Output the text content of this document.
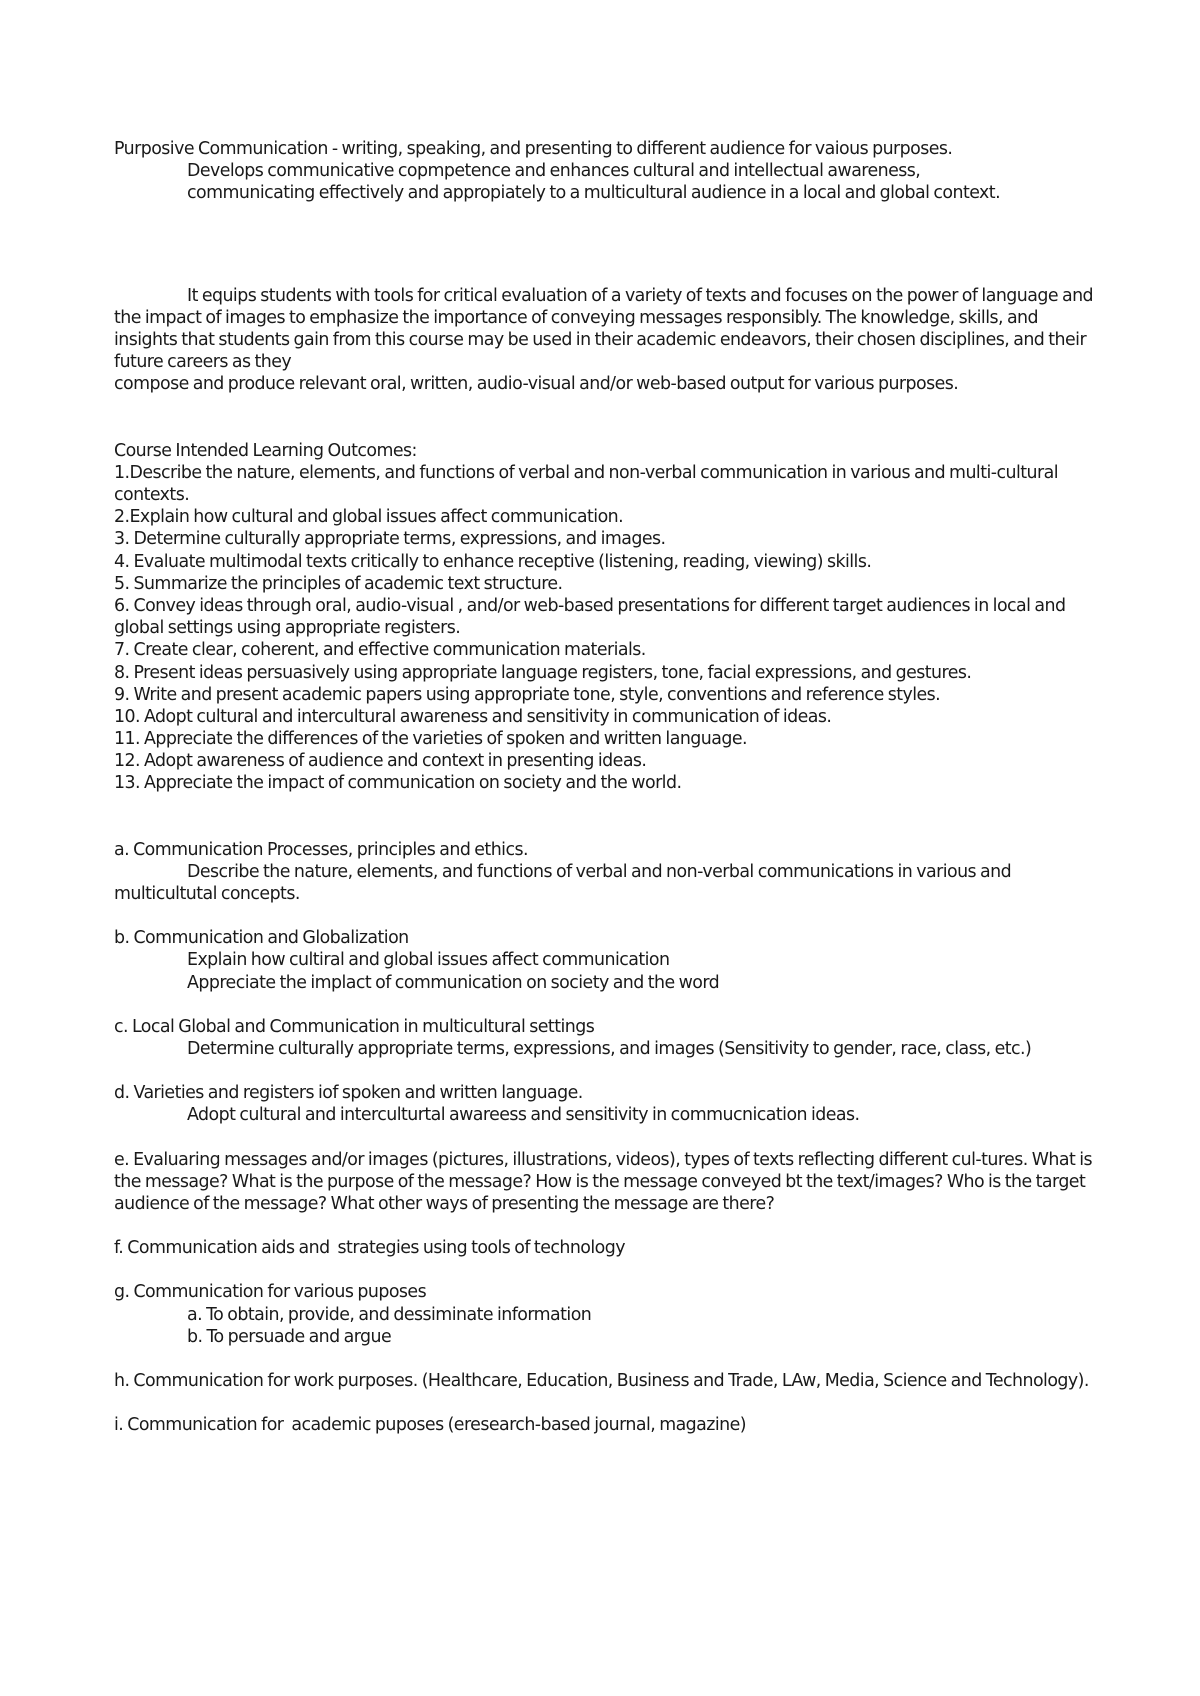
Purposive Communication - writing, speaking, and presenting to different audience for vaious purposes.
Develops communicative copmpetence and enhances cultural and intellectual awareness,
communicating effectively and appropiately to a multicultural audience in a local and global context.
It equips students with tools for critical evaluation of a variety of texts and focuses on the power of language and the impact of images to emphasize the importance of conveying messages responsibly. The knowledge, skills, and insights that students gain from this course may be used in their academic endeavors, their chosen disciplines, and their future careers as they
compose and produce relevant oral, written, audio-visual and/or web-based output for various purposes.
Course Intended Learning Outcomes:
1.Describe the nature, elements, and functions of verbal and non-verbal communication in various and multi-cultural contexts.
2.Explain how cultural and global issues affect communication.
3. Determine culturally appropriate terms, expressions, and images.
4. Evaluate multimodal texts critically to enhance receptive (listening, reading, viewing) skills.
5. Summarize the principles of academic text structure.
6. Convey ideas through oral, audio-visual , and/or web-based presentations for different target audiences in local and global settings using appropriate registers.
7. Create clear, coherent, and effective communication materials.
8. Present ideas persuasively using appropriate language registers, tone, facial expressions, and gestures.
9. Write and present academic papers using appropriate tone, style, conventions and reference styles.
10. Adopt cultural and intercultural awareness and sensitivity in communication of ideas.
11. Appreciate the differences of the varieties of spoken and written language.
12. Adopt awareness of audience and context in presenting ideas.
13. Appreciate the impact of communication on society and the world.
a. Communication Processes, principles and ethics.
Describe the nature, elements, and functions of verbal and non-verbal communications in various and multicultutal concepts.
b. Communication and Globalization
Explain how cultiral and global issues affect communication
Appreciate the implact of communication on society and the word
c. Local Global and Communication in multicultural settings
Determine culturally appropriate terms, expressions, and images (Sensitivity to gender, race, class, etc.)
d. Varieties and registers iof spoken and written language.
Adopt cultural and interculturtal awareess and sensitivity in commucnication ideas.
e. Evaluaring messages and/or images (pictures, illustrations, videos), types of texts reflecting different cul-tures. What is the message? What is the purpose of the message? How is the message conveyed bt the text/images? Who is the target audience of the message? What other ways of presenting the message are there?
f. Communication aids and  strategies using tools of technology
g. Communication for various puposes
a. To obtain, provide, and dessiminate information
b. To persuade and argue
h. Communication for work purposes. (Healthcare, Education, Business and Trade, LAw, Media, Science and Technology).
i. Communication for  academic puposes (eresearch-based journal, magazine)
